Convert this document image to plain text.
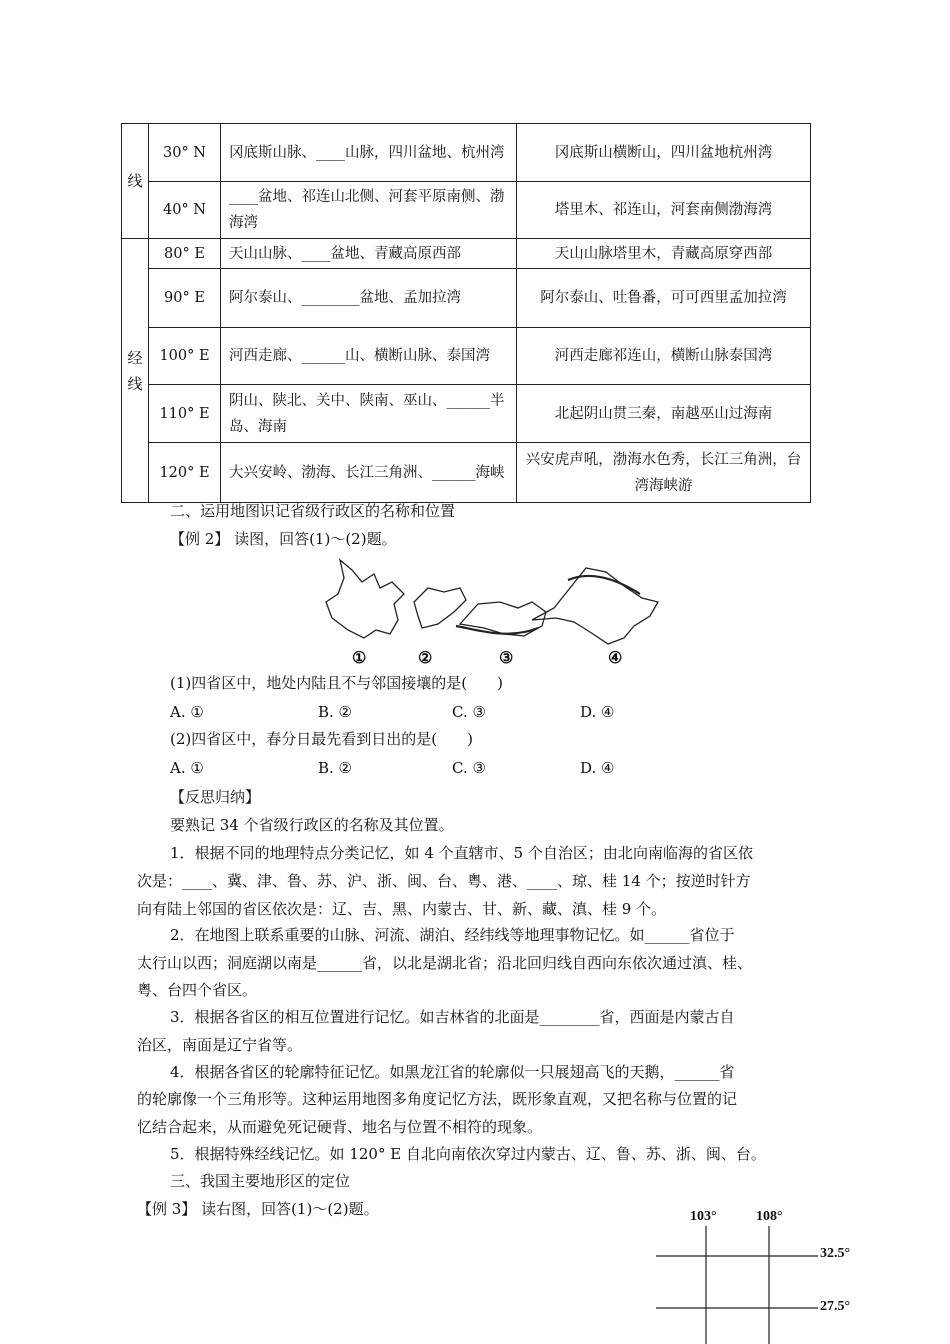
线	30° N	冈底斯山脉、____山脉，四川盆地、杭州湾	冈底斯山横断山，四川盆地杭州湾
	40° N	____盆地、祁连山北侧、河套平原南侧、渤海湾	塔里木、祁连山，河套南侧渤海湾
经
线	80° E	天山山脉、____盆地、青藏高原西部	天山山脉塔里木，青藏高原穿西部
	90° E	阿尔泰山、________盆地、孟加拉湾	阿尔泰山、吐鲁番，可可西里孟加拉湾
	100° E	河西走廊、______山、横断山脉、泰国湾	河西走廊祁连山，横断山脉泰国湾
	110° E	阴山、陕北、关中、陕南、巫山、______半岛、海南	北起阴山贯三秦，南越巫山过海南
	120° E	大兴安岭、渤海、长江三角洲、______海峡	兴安虎声吼，渤海水色秀，长江三角洲，台湾海峡游
二、运用地图识记省级行政区的名称和位置
【例 2】 读图，回答(1)～(2)题。
①	②	③	④
(1)四省区中，地处内陆且不与邻国接壤的是(　　)
A. ①	B. ②	C. ③	D. ④
(2)四省区中，春分日最先看到日出的是(　　)
A. ①	B. ②	C. ③	D. ④
【反思归纳】
要熟记 34 个省级行政区的名称及其位置。
1．根据不同的地理特点分类记忆，如 4 个直辖市、5 个自治区；由北向南临海的省区依
次是：____、冀、津、鲁、苏、沪、浙、闽、台、粤、港、____、琼、桂 14 个；按逆时针方
向有陆上邻国的省区依次是：辽、吉、黑、内蒙古、甘、新、藏、滇、桂 9 个。
2．在地图上联系重要的山脉、河流、湖泊、经纬线等地理事物记忆。如______省位于
太行山以西；洞庭湖以南是______省，以北是湖北省；沿北回归线自西向东依次通过滇、桂、
粤、台四个省区。
3．根据各省区的相互位置进行记忆。如吉林省的北面是________省，西面是内蒙古自
治区，南面是辽宁省等。
4．根据各省区的轮廓特征记忆。如黑龙江省的轮廓似一只展翅高飞的天鹅，______省
的轮廓像一个三角形等。这种运用地图多角度记忆方法，既形象直观，又把名称与位置的记
忆结合起来，从而避免死记硬背、地名与位置不相符的现象。
5．根据特殊经线记忆。如 120° E 自北向南依次穿过内蒙古、辽、鲁、苏、浙、闽、台。
三、我国主要地形区的定位
【例 3】 读右图，回答(1)～(2)题。	103°	108°
32.5°
27.5°
